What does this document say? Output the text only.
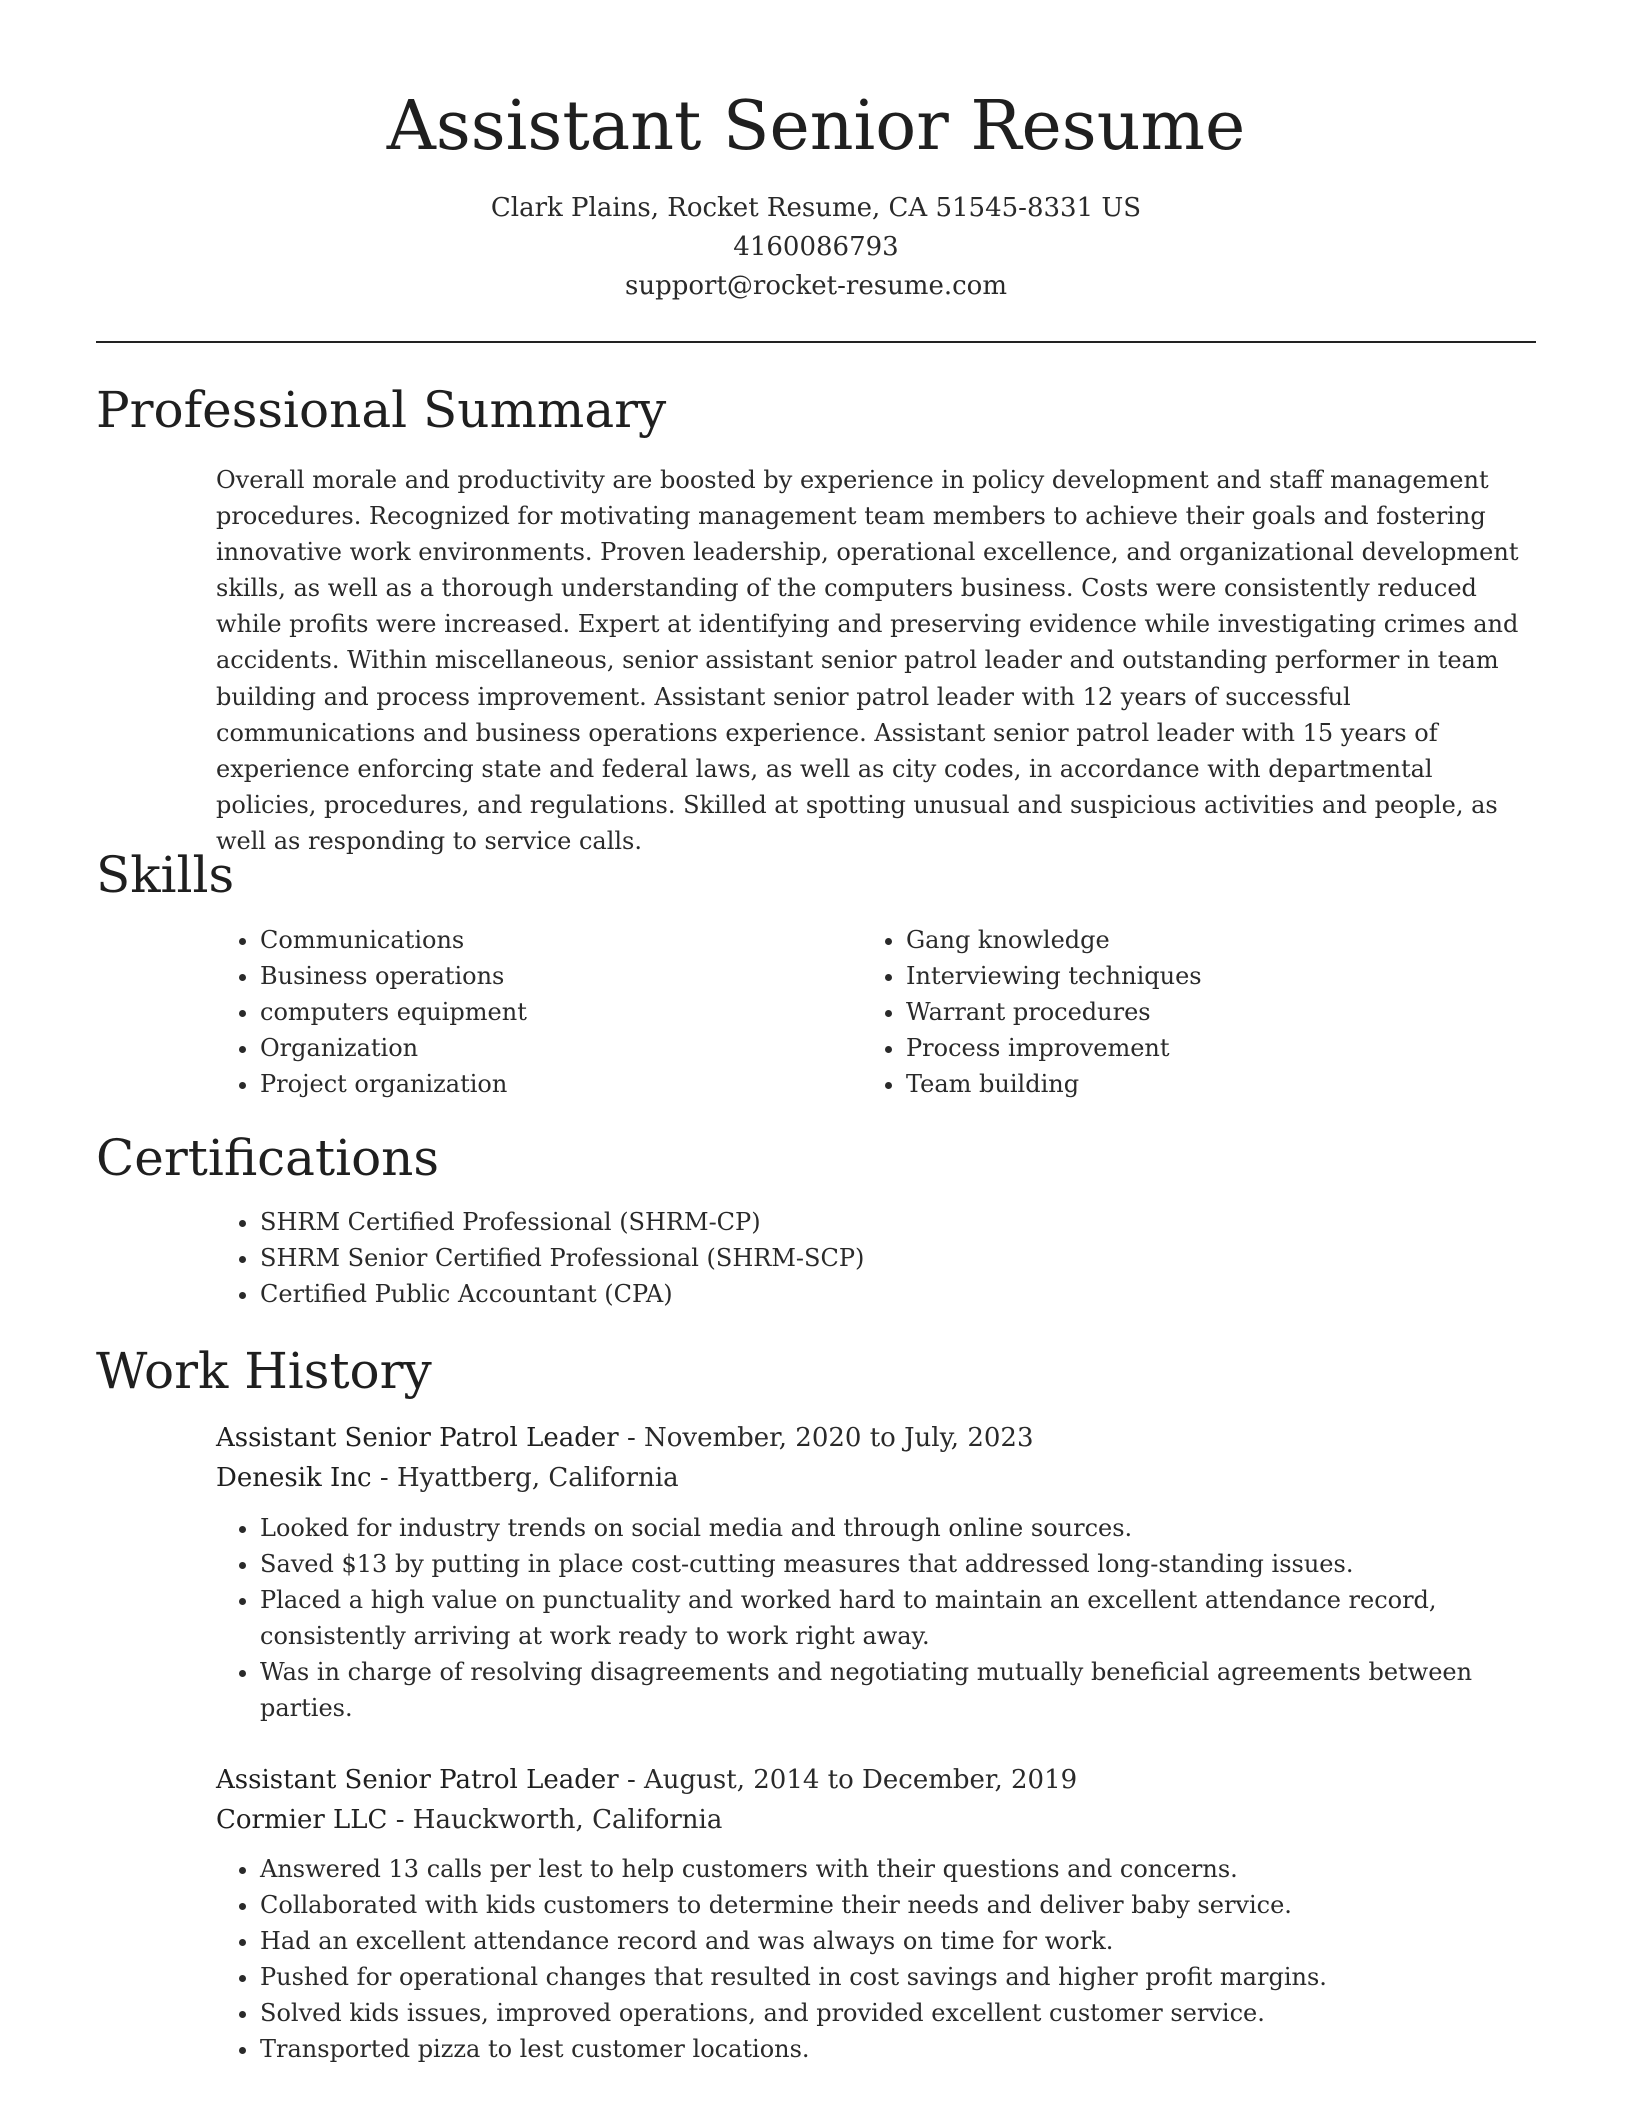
Assistant Senior Resume
Clark Plains, Rocket Resume, CA 51545-8331 US
4160086793
support@rocket-resume.com
Professional Summary

Overall morale and productivity are boosted by experience in policy development and staff management procedures. Recognized for motivating management team members to achieve their goals and fostering innovative work environments. Proven leadership, operational excellence, and organizational development skills, as well as a thorough understanding of the computers business. Costs were consistently reduced while profits were increased. Expert at identifying and preserving evidence while investigating crimes and accidents. Within miscellaneous, senior assistant senior patrol leader and outstanding performer in team building and process improvement. Assistant senior patrol leader with 12 years of successful communications and business operations experience. Assistant senior patrol leader with 15 years of experience enforcing state and federal laws, as well as city codes, in accordance with departmental policies, procedures, and regulations. Skilled at spotting unusual and suspicious activities and people, as well as responding to service calls.

Skills
• Communications
• Business operations
• computers equipment
• Organization
• Project organization
• Gang knowledge
• Interviewing techniques
• Warrant procedures
• Process improvement
• Team building
Certifications
• SHRM Certified Professional (SHRM-CP)
• SHRM Senior Certified Professional (SHRM-SCP)
• Certified Public Accountant (CPA)
Work History
Assistant Senior Patrol Leader - November, 2020 to July, 2023
Denesik Inc - Hyattberg, California
• Looked for industry trends on social media and through online sources.
• Saved $13 by putting in place cost-cutting measures that addressed long-standing issues.
• Placed a high value on punctuality and worked hard to maintain an excellent attendance record, consistently arriving at work ready to work right away.
• Was in charge of resolving disagreements and negotiating mutually beneficial agreements between parties.
Assistant Senior Patrol Leader - August, 2014 to December, 2019
Cormier LLC - Hauckworth, California
• Answered 13 calls per lest to help customers with their questions and concerns.
• Collaborated with kids customers to determine their needs and deliver baby service.
• Had an excellent attendance record and was always on time for work.
• Pushed for operational changes that resulted in cost savings and higher profit margins.
• Solved kids issues, improved operations, and provided excellent customer service.
• Transported pizza to lest customer locations.
